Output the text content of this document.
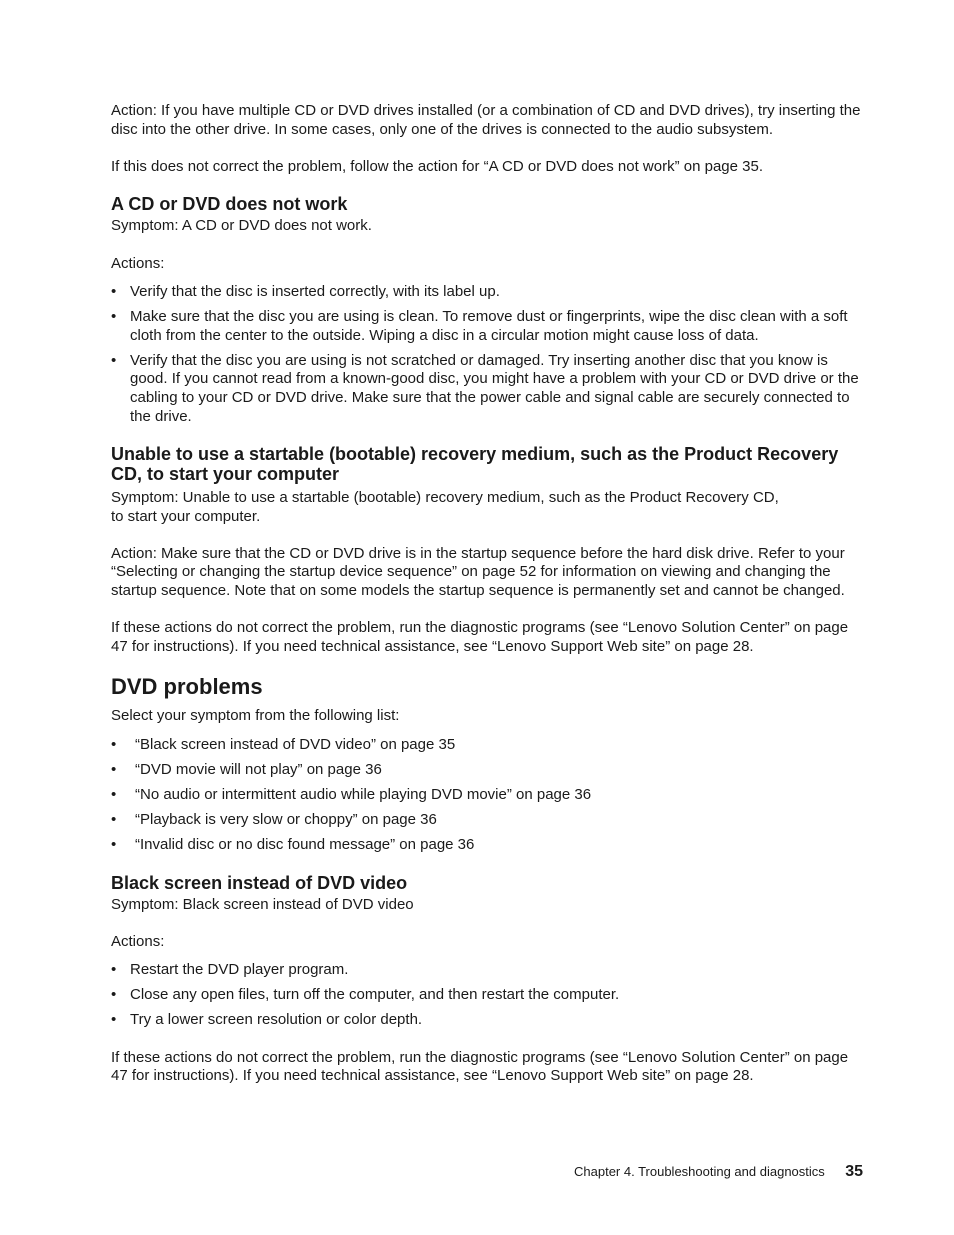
Action: If you have multiple CD or DVD drives installed (or a combination of CD and DVD drives), try inserting the disc into the other drive. In some cases, only one of the drives is connected to the audio subsystem.

If this does not correct the problem, follow the action for “A CD or DVD does not work” on page 35.

A CD or DVD does not work

Symptom: A CD or DVD does not work.

Actions:

• Verify that the disc is inserted correctly, with its label up.
• Make sure that the disc you are using is clean. To remove dust or fingerprints, wipe the disc clean with a soft cloth from the center to the outside. Wiping a disc in a circular motion might cause loss of data.
• Verify that the disc you are using is not scratched or damaged. Try inserting another disc that you know is good. If you cannot read from a known-good disc, you might have a problem with your CD or DVD drive or the cabling to your CD or DVD drive. Make sure that the power cable and signal cable are securely connected to the drive.
Unable to use a startable (bootable) recovery medium, such as the Product Recovery CD, to start your computer

Symptom: Unable to use a startable (bootable) recovery medium, such as the Product Recovery CD,

to start your computer.

Action: Make sure that the CD or DVD drive is in the startup sequence before the hard disk drive. Refer to your “Selecting or changing the startup device sequence” on page 52 for information on viewing and changing the startup sequence. Note that on some models the startup sequence is permanently set and cannot be changed.

If these actions do not correct the problem, run the diagnostic programs (see “Lenovo Solution Center” on page 47 for instructions). If you need technical assistance, see “Lenovo Support Web site” on page 28.

DVD problems

Select your symptom from the following list:

• “Black screen instead of DVD video” on page 35
• “DVD movie will not play” on page 36
• “No audio or intermittent audio while playing DVD movie” on page 36
• “Playback is very slow or choppy” on page 36
• “Invalid disc or no disc found message” on page 36
Black screen instead of DVD video

Symptom: Black screen instead of DVD video

Actions:

• Restart the DVD player program.
• Close any open files, turn off the computer, and then restart the computer.
• Try a lower screen resolution or color depth.

If these actions do not correct the problem, run the diagnostic programs (see “Lenovo Solution Center” on page 47 for instructions). If you need technical assistance, see “Lenovo Support Web site” on page 28.

Chapter 4. Troubleshooting and diagnostics 35
